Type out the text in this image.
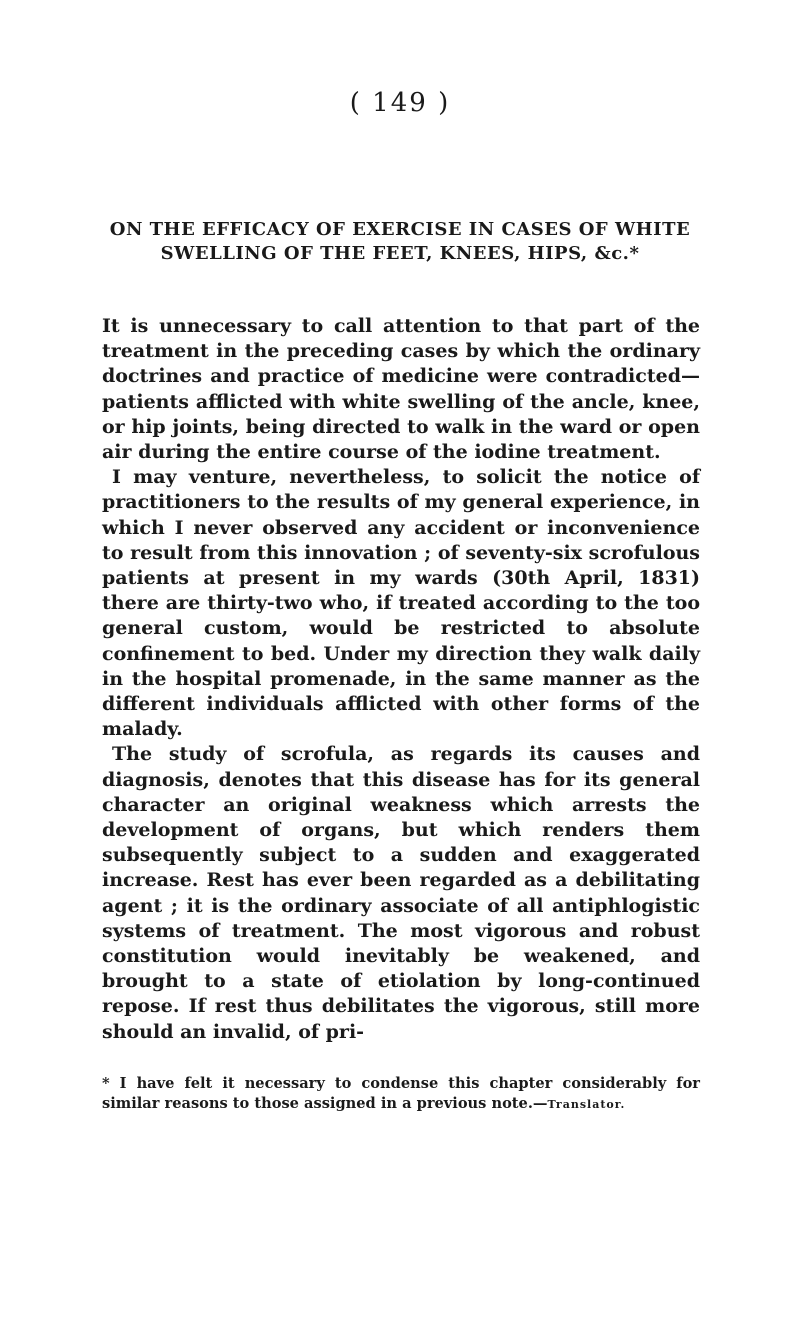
( 149 )
ON THE EFFICACY OF EXERCISE IN CASES OF WHITE
SWELLING OF THE FEET, KNEES, HIPS, &c.*

It is unnecessary to call attention to that part of the treatment in the preceding cases by which the ordinary doctrines and practice of medicine were contradicted—patients afflicted with white swelling of the ancle, knee, or hip joints, being directed to walk in the ward or open air during the entire course of the iodine treatment.

I may venture, nevertheless, to solicit the notice of practitioners to the results of my general experience, in which I never observed any accident or inconvenience to result from this innovation ; of seventy-six scrofulous patients at present in my wards (30th April, 1831) there are thirty-two who, if treated according to the too general custom, would be restricted to absolute confinement to bed. Under my direction they walk daily in the hospital promenade, in the same manner as the different individuals afflicted with other forms of the malady.

The study of scrofula, as regards its causes and diagnosis, denotes that this disease has for its general character an original weakness which arrests the development of organs, but which renders them subsequently subject to a sudden and exaggerated increase. Rest has ever been regarded as a debilitating agent ; it is the ordinary associate of all antiphlogistic systems of treatment. The most vigorous and robust constitution would inevitably be weakened, and brought to a state of etiolation by long-continued repose. If rest thus debilitates the vigorous, still more should an invalid, of pri-

* I have felt it necessary to condense this chapter considerably for similar reasons to those assigned in a previous note.—Translator.
